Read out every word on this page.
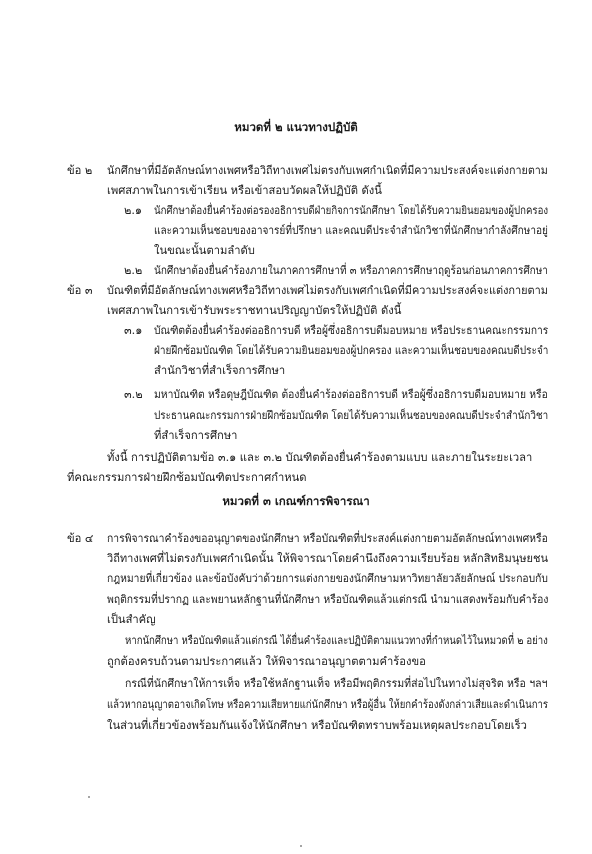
หมวดที่ ๒ แนวทางปฏิบัติ
ข้อ ๒ นักศึกษาที่มีอัตลักษณ์ทางเพศหรือวิถีทางเพศไม่ตรงกับเพศกำเนิดที่มีความประสงค์จะแต่งกายตาม
เพศสภาพในการเข้าเรียน หรือเข้าสอบวัดผลให้ปฏิบัติ ดังนี้
๒.๑ นักศึกษาต้องยื่นคำร้องต่อรองอธิการบดีฝ่ายกิจการนักศึกษา โดยได้รับความยินยอมของผู้ปกครอง
และความเห็นชอบของอาจารย์ที่ปรึกษา และคณบดีประจำสำนักวิชาที่นักศึกษากำลังศึกษาอยู่
ในขณะนั้นตามลำดับ
๒.๒ นักศึกษาต้องยื่นคำร้องภายในภาคการศึกษาที่ ๓ หรือภาคการศึกษาฤดูร้อนก่อนภาคการศึกษา
ข้อ ๓ บัณฑิตที่มีอัตลักษณ์ทางเพศหรือวิถีทางเพศไม่ตรงกับเพศกำเนิดที่มีความประสงค์จะแต่งกายตาม
เพศสภาพในการเข้ารับพระราชทานปริญญาบัตรให้ปฏิบัติ ดังนี้
๓.๑ บัณฑิตต้องยื่นคำร้องต่ออธิการบดี หรือผู้ซึ่งอธิการบดีมอบหมาย หรือประธานคณะกรรมการ
ฝ่ายฝึกซ้อมบัณฑิต โดยได้รับความยินยอมของผู้ปกครอง และความเห็นชอบของคณบดีประจำ
สำนักวิชาที่สำเร็จการศึกษา
๓.๒ มหาบัณฑิต หรือดุษฎีบัณฑิต ต้องยื่นคำร้องต่ออธิการบดี หรือผู้ซึ่งอธิการบดีมอบหมาย หรือ
ประธานคณะกรรมการฝ่ายฝึกซ้อมบัณฑิต โดยได้รับความเห็นชอบของคณบดีประจำสำนักวิชา
ที่สำเร็จการศึกษา
ทั้งนี้ การปฏิบัติตามข้อ ๓.๑ และ ๓.๒ บัณฑิตต้องยื่นคำร้องตามแบบ และภายในระยะเวลา
ที่คณะกรรมการฝ่ายฝึกซ้อมบัณฑิตประกาศกำหนด
หมวดที่ ๓ เกณฑ์การพิจารณา
ข้อ ๔ การพิจารณาคำร้องขออนุญาตของนักศึกษา หรือบัณฑิตที่ประสงค์แต่งกายตามอัตลักษณ์ทางเพศหรือ
วิถีทางเพศที่ไม่ตรงกับเพศกำเนิดนั้น ให้พิจารณาโดยคำนึงถึงความเรียบร้อย หลักสิทธิมนุษยชน
กฎหมายที่เกี่ยวข้อง และข้อบังคับว่าด้วยการแต่งกายของนักศึกษามหาวิทยาลัยวลัยลักษณ์ ประกอบกับ
พฤติกรรมที่ปรากฏ และพยานหลักฐานที่นักศึกษา หรือบัณฑิตแล้วแต่กรณี นำมาแสดงพร้อมกับคำร้อง
เป็นสำคัญ
หากนักศึกษา หรือบัณฑิตแล้วแต่กรณี ได้ยื่นคำร้องและปฏิบัติตามแนวทางที่กำหนดไว้ในหมวดที่ ๒ อย่าง
ถูกต้องครบถ้วนตามประกาศแล้ว ให้พิจารณาอนุญาตตามคำร้องขอ
กรณีที่นักศึกษาให้การเท็จ หรือใช้หลักฐานเท็จ หรือมีพฤติกรรมที่ส่อไปในทางไม่สุจริต หรือ ฯลฯ
แล้วหากอนุญาตอาจเกิดโทษ หรือความเสียหายแก่นักศึกษา หรือผู้อื่น ให้ยกคำร้องดังกล่าวเสียและดำเนินการ
ในส่วนที่เกี่ยวข้องพร้อมกันแจ้งให้นักศึกษา หรือบัณฑิตทราบพร้อมเหตุผลประกอบโดยเร็ว
